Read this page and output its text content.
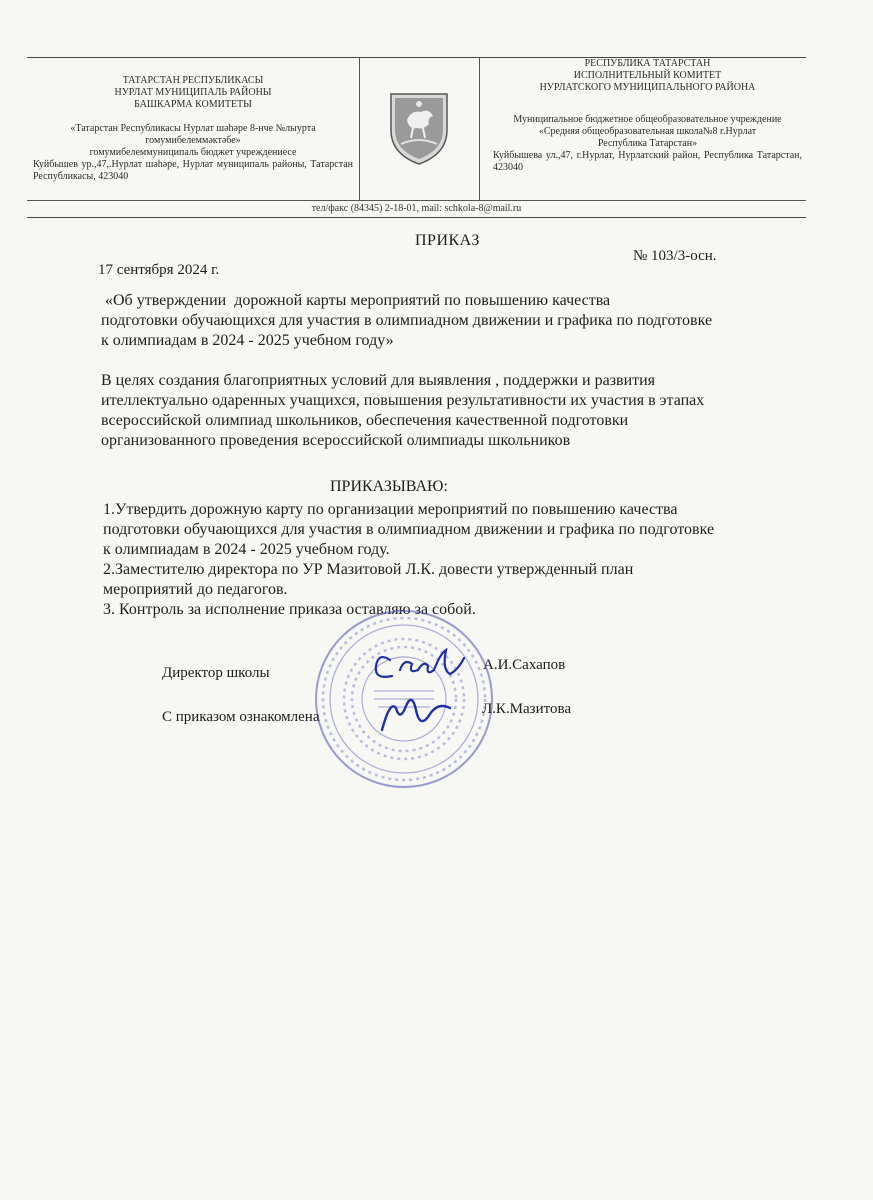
ТАТАРСТАН РЕСПУБЛИКАСЫ
НУРЛАТ МУНИЦИПАЛЬ РАЙОНЫ
БАШКАРМА КОМИТЕТЫ
«Татарстан Республикасы Нурлат шәһәре 8-нче №лыурта
гомумибелеммәктәбе»
гомумибелеммуниципаль бюджет учреждениесе
Куйбышев ур.,47,.Нурлат шәһәре, Нурлат муниципаль районы, Татарстан Республикасы, 423040
РЕСПУБЛИКА ТАТАРСТАН
ИСПОЛНИТЕЛЬНЫЙ КОМИТЕТ
НУРЛАТСКОГО МУНИЦИПАЛЬНОГО РАЙОНА
Муниципальное бюджетное общеобразовательное учреждение
«Средняя общеобразовательная школа№8 г.Нурлат
Республика Татарстан»
Куйбышева ул.,47, г.Нурлат, Нурлатский район, Республика Татарстан, 423040
тел/факс (84345) 2-18-01, mail: schkola-8@mail.ru
ПРИКАЗ
№ 103/3-осн.
17 сентября 2024 г.
«Об утверждении  дорожной карты мероприятий по повышению качества
подготовки обучающихся для участия в олимпиадном движении и графика по подготовке
к олимпиадам в 2024 - 2025 учебном году»
В целях создания благоприятных условий для выявления , поддержки и развития
ителлектуально одаренных учащихся, повышения результативности их участия в этапах
всероссийской олимпиад школьников, обеспечения качественной подготовки
организованного проведения всероссийской олимпиады школьников
ПРИКАЗЫВАЮ:
1.Утвердить дорожную карту по организации мероприятий по повышению качества
подготовки обучающихся для участия в олимпиадном движении и графика по подготовке
к олимпиадам в 2024 - 2025 учебном году.
2.Заместителю директора по УР Мазитовой Л.К. довести утвержденный план
мероприятий до педагогов.
3. Контроль за исполнение приказа оставляю за собой.
Директор школы	А.И.Сахапов
С приказом ознакомлена	Л.К.Мазитова
